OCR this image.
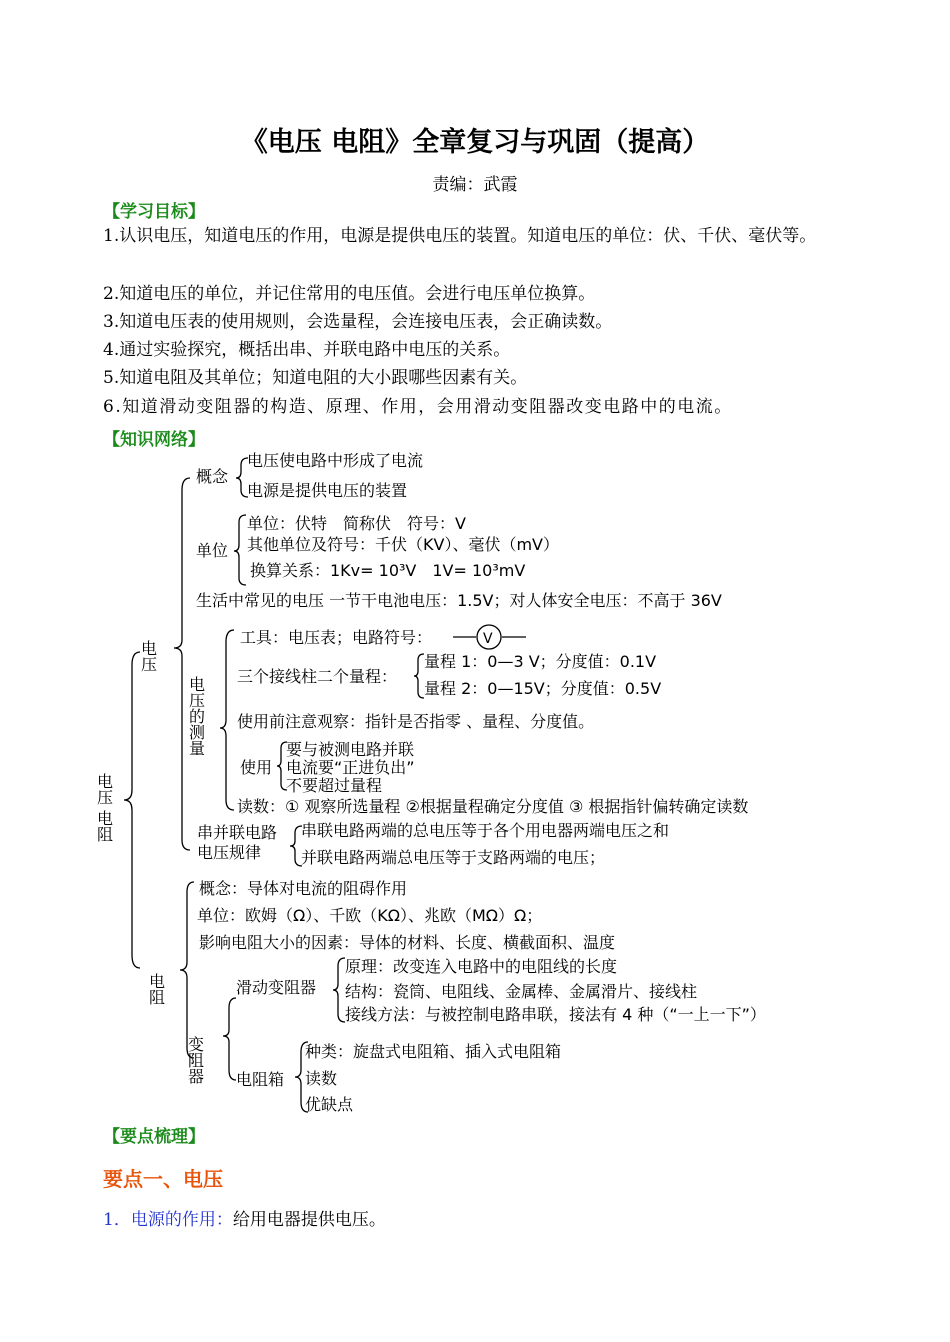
《电压 电阻》全章复习与巩固（提高）
责编：武霞
【学习目标】
1.认识电压，知道电压的作用，电源是提供电压的装置。知道电压的单位：伏、千伏、毫伏等。
2.知道电压的单位，并记住常用的电压值。会进行电压单位换算。
3.知道电压表的使用规则，会选量程，会连接电压表，会正确读数。
4.通过实验探究，概括出串、并联电路中电压的关系。
5.知道电阻及其单位；知道电阻的大小跟哪些因素有关。
6.知道滑动变阻器的构造、原理、作用，会用滑动变阻器改变电路中的电流。
【知识网络】
电压 电阻
电压
概念
电压使电路中形成了电流
电源是提供电压的装置
单位
单位：伏特　简称伏　符号：V
其他单位及符号：千伏（KV）、毫伏（mV）
换算关系：1Kv= 10³V　1V= 10³mV
生活中常见的电压 一节干电池电压：1.5V；对人体安全电压：不高于 36V
电压的测量
工具：电压表；电路符号：	V
三个接线柱二个量程：
量程 1：0—3 V；分度值：0.1V
量程 2：0—15V；分度值：0.5V
使用前注意观察：指针是否指零 、量程、分度值。
使用
要与被测电路并联
电流要“正进负出”
不要超过量程
读数：① 观察所选量程 ②根据量程确定分度值 ③ 根据指针偏转确定读数
串并联电路
电压规律
串联电路两端的总电压等于各个用电器两端电压之和
并联电路两端总电压等于支路两端的电压；
电阻
概念：导体对电流的阻碍作用
单位：欧姆（Ω）、千欧（KΩ）、兆欧（MΩ）Ω；
影响电阻大小的因素：导体的材料、长度、横截面积、温度
变阻器
滑动变阻器
原理：改变连入电路中的电阻线的长度
结构：瓷筒、电阻线、金属棒、金属滑片、接线柱
接线方法：与被控制电路串联，接法有 4 种（“一上一下”）
电阻箱
种类：旋盘式电阻箱、插入式电阻箱
读数
优缺点
【要点梳理】
要点一、电压
1．电源的作用：给用电器提供电压。
